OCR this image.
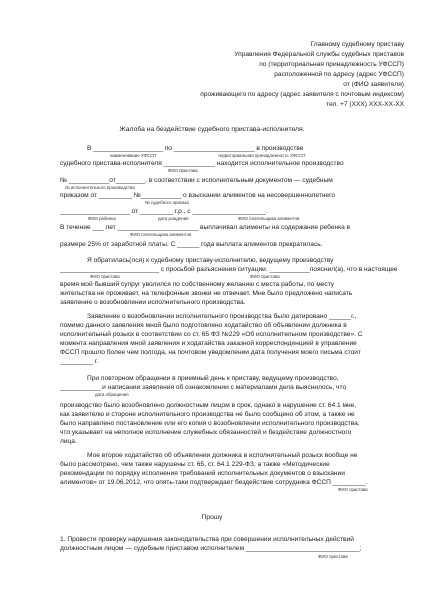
Главному судебному приставу
Управления Федеральной службы судебных приставов
по (территориальная принадлежность УФССП)
расположенной по адресу (адрес УФССП)
от (ФИО заявителя)
проживающего по адресу (адрес заявителя с почтовым индексом)
тел. +7 (XXX) XXX-XX-XX
Жалоба на бездействие судебного пристава-исполнителя.
В ___________________ по ______________________ в производстве
наименование УФССП	территориальная принадлежность УФССП
судебного пристава-исполнителя ______________ находится исполнительное производство
ФИО пристава
№ ___________от________, в соответствии с исполнительным документом — судебным
№ исполнительного производства
приказом от _________ №___________ о взыскании алиментов на несовершеннолетнего
№ судебного приказа
___________________ от _________ г.р., с ____________________.
ФИО ребенка	дата рождения	ФИО плательщика алиментов
В течение ___ лет ______________________ выплачивал алименты на содержание ребенка в
ФИО плательщика алиментов
размере 25% от заработной платы. С ______ года выплата алиментов прекратилась.
Я обратилась(лся) к судебному приставу-исполнителю, ведущему производству
___________________________ с просьбой разъяснения ситуации. ___________пояснил(а), что в настоящее
ФИО пристава	ФИО пристава
время мой бывший супруг уволился по собственному желанию с места работы, по месту
жительства не проживает, на телефонные звонки не отвечает. Мне было предложено написать
заявление о возобновлении исполнительного производства.
Заявление о возобновлении исполнительного производства было датировано ______г.,
помимо данного заявления мной было подготовлено ходатайство об объявлении должника в
исполнительный розыск в соответствии со ст. 65 ФЗ №229 «Об исполнительном производстве». С
момента направления мной заявления и ходатайства заказной корреспонденцией в управление
ФССП прошло более чем полгода, на почтовом уведомлении дата получения моего письма стоит
_________ г.
При повторном обращении в приемный день к приставу, ведущему производство,
___________ и написании заявления об ознакомлении с материалами дела выяснилось, что
дата обращения
производство было возобновлено должностным лицом в срок, однако в нарушение ст. 64.1 мне,
как заявителю и стороне исполнительного производства не было сообщено об этом, а также не
было направлено постановление или его копия о возобновлении исполнительного производства,
что указывает на неполное исполнение служебных обязанностей и бездействие должностного
лица.
Мое второе ходатайство об объявлении должника в исполнительный розыск вообще не
было рассмотрено, чем также нарушены ст. 65, ст. 64.1 229-ФЗ, а также «Методические
рекомендации по порядку исполнения требований исполнительных документов о взыскании
алиментов» от 19.06.2012, что опять-таки подтверждает бездействие сотрудника ФССП _________.
ФИО пристава
Прошу
1. Провести проверку нарушения законодательства при совершении исполнительных действий
должностным лицом — судебным приставом исполнителем _______________________________;
ФИО пристава
